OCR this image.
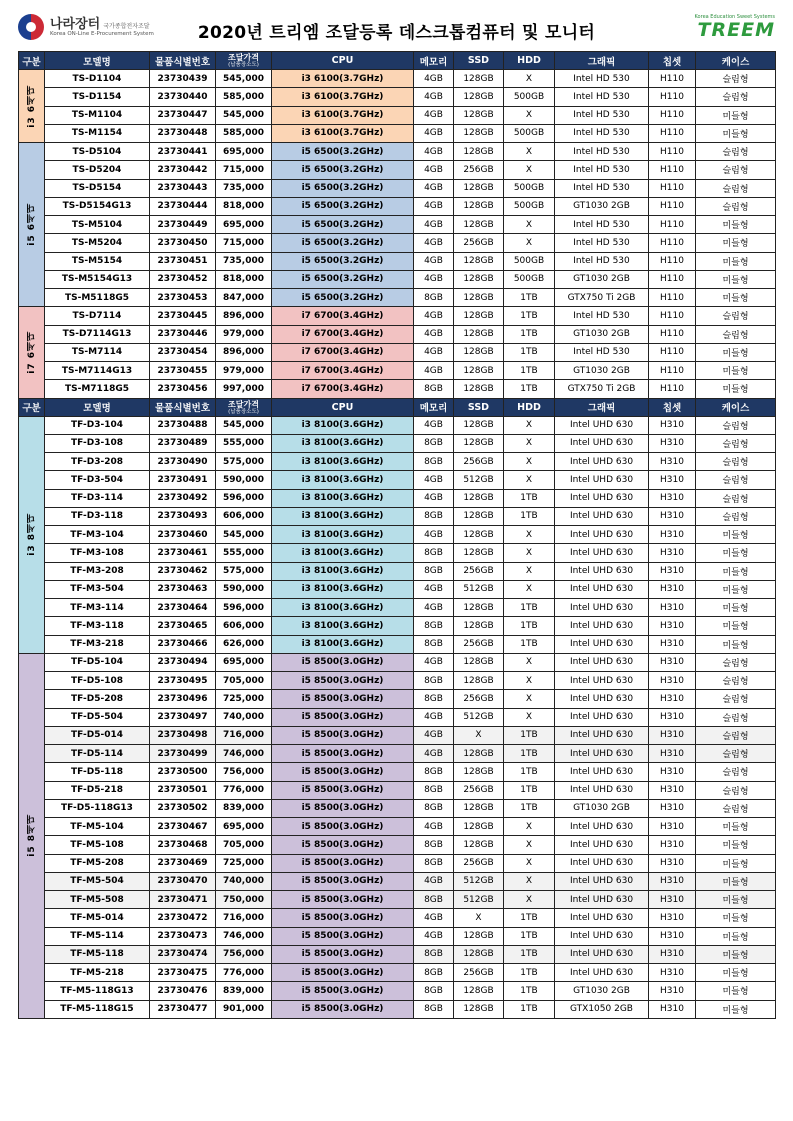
나라장터 국가종합전자조달
Korea ON-Line E-Procurement System	2020년 트리엠 조달등록 데스크톱컴퓨터 및 모니터
Korea Education Sweet Systems
TREEM
구분	모델명	물품식별번호	조달가격
(납품장소도)	CPU	메모리	SSD	HDD	그래픽	칩셋	케이스

i3 6세대	TS-D1104	23730439	545,000	i3 6100(3.7GHz)	4GB	128GB	X	Intel HD 530	H110	슬림형
	TS-D1154	23730440	585,000	i3 6100(3.7GHz)	4GB	128GB	500GB	Intel HD 530	H110	슬림형
	TS-M1104	23730447	545,000	i3 6100(3.7GHz)	4GB	128GB	X	Intel HD 530	H110	미들형
	TS-M1154	23730448	585,000	i3 6100(3.7GHz)	4GB	128GB	500GB	Intel HD 530	H110	미들형

i5 6세대	TS-D5104	23730441	695,000	i5 6500(3.2GHz)	4GB	128GB	X	Intel HD 530	H110	슬림형
	TS-D5204	23730442	715,000	i5 6500(3.2GHz)	4GB	256GB	X	Intel HD 530	H110	슬림형
	TS-D5154	23730443	735,000	i5 6500(3.2GHz)	4GB	128GB	500GB	Intel HD 530	H110	슬림형
	TS-D5154G13	23730444	818,000	i5 6500(3.2GHz)	4GB	128GB	500GB	GT1030 2GB	H110	슬림형
	TS-M5104	23730449	695,000	i5 6500(3.2GHz)	4GB	128GB	X	Intel HD 530	H110	미들형
	TS-M5204	23730450	715,000	i5 6500(3.2GHz)	4GB	256GB	X	Intel HD 530	H110	미들형
	TS-M5154	23730451	735,000	i5 6500(3.2GHz)	4GB	128GB	500GB	Intel HD 530	H110	미들형
	TS-M5154G13	23730452	818,000	i5 6500(3.2GHz)	4GB	128GB	500GB	GT1030 2GB	H110	미들형
	TS-M5118G5	23730453	847,000	i5 6500(3.2GHz)	8GB	128GB	1TB	GTX750 Ti 2GB	H110	미들형

i7 6세대	TS-D7114	23730445	896,000	i7 6700(3.4GHz)	4GB	128GB	1TB	Intel HD 530	H110	슬림형
	TS-D7114G13	23730446	979,000	i7 6700(3.4GHz)	4GB	128GB	1TB	GT1030 2GB	H110	슬림형
	TS-M7114	23730454	896,000	i7 6700(3.4GHz)	4GB	128GB	1TB	Intel HD 530	H110	미들형
	TS-M7114G13	23730455	979,000	i7 6700(3.4GHz)	4GB	128GB	1TB	GT1030 2GB	H110	미들형
	TS-M7118G5	23730456	997,000	i7 6700(3.4GHz)	8GB	128GB	1TB	GTX750 Ti 2GB	H110	미들형
구분	모델명	물품식별번호	조달가격
(납품장소도)	CPU	메모리	SSD	HDD	그래픽	칩셋	케이스

i3 8세대	TF-D3-104	23730488	545,000	i3 8100(3.6GHz)	4GB	128GB	X	Intel UHD 630	H310	슬림형
	TF-D3-108	23730489	555,000	i3 8100(3.6GHz)	8GB	128GB	X	Intel UHD 630	H310	슬림형
	TF-D3-208	23730490	575,000	i3 8100(3.6GHz)	8GB	256GB	X	Intel UHD 630	H310	슬림형
	TF-D3-504	23730491	590,000	i3 8100(3.6GHz)	4GB	512GB	X	Intel UHD 630	H310	슬림형
	TF-D3-114	23730492	596,000	i3 8100(3.6GHz)	4GB	128GB	1TB	Intel UHD 630	H310	슬림형
	TF-D3-118	23730493	606,000	i3 8100(3.6GHz)	8GB	128GB	1TB	Intel UHD 630	H310	슬림형
	TF-M3-104	23730460	545,000	i3 8100(3.6GHz)	4GB	128GB	X	Intel UHD 630	H310	미들형
	TF-M3-108	23730461	555,000	i3 8100(3.6GHz)	8GB	128GB	X	Intel UHD 630	H310	미들형
	TF-M3-208	23730462	575,000	i3 8100(3.6GHz)	8GB	256GB	X	Intel UHD 630	H310	미들형
	TF-M3-504	23730463	590,000	i3 8100(3.6GHz)	4GB	512GB	X	Intel UHD 630	H310	미들형
	TF-M3-114	23730464	596,000	i3 8100(3.6GHz)	4GB	128GB	1TB	Intel UHD 630	H310	미들형
	TF-M3-118	23730465	606,000	i3 8100(3.6GHz)	8GB	128GB	1TB	Intel UHD 630	H310	미들형
	TF-M3-218	23730466	626,000	i3 8100(3.6GHz)	8GB	256GB	1TB	Intel UHD 630	H310	미들형

i5 8세대	TF-D5-104	23730494	695,000	i5 8500(3.0GHz)	4GB	128GB	X	Intel UHD 630	H310	슬림형
	TF-D5-108	23730495	705,000	i5 8500(3.0GHz)	8GB	128GB	X	Intel UHD 630	H310	슬림형
	TF-D5-208	23730496	725,000	i5 8500(3.0GHz)	8GB	256GB	X	Intel UHD 630	H310	슬림형
	TF-D5-504	23730497	740,000	i5 8500(3.0GHz)	4GB	512GB	X	Intel UHD 630	H310	슬림형
	TF-D5-014	23730498	716,000	i5 8500(3.0GHz)	4GB	X	1TB	Intel UHD 630	H310	슬림형
	TF-D5-114	23730499	746,000	i5 8500(3.0GHz)	4GB	128GB	1TB	Intel UHD 630	H310	슬림형
	TF-D5-118	23730500	756,000	i5 8500(3.0GHz)	8GB	128GB	1TB	Intel UHD 630	H310	슬림형
	TF-D5-218	23730501	776,000	i5 8500(3.0GHz)	8GB	256GB	1TB	Intel UHD 630	H310	슬림형
	TF-D5-118G13	23730502	839,000	i5 8500(3.0GHz)	8GB	128GB	1TB	GT1030 2GB	H310	슬림형
	TF-M5-104	23730467	695,000	i5 8500(3.0GHz)	4GB	128GB	X	Intel UHD 630	H310	미들형
	TF-M5-108	23730468	705,000	i5 8500(3.0GHz)	8GB	128GB	X	Intel UHD 630	H310	미들형
	TF-M5-208	23730469	725,000	i5 8500(3.0GHz)	8GB	256GB	X	Intel UHD 630	H310	미들형
	TF-M5-504	23730470	740,000	i5 8500(3.0GHz)	4GB	512GB	X	Intel UHD 630	H310	미들형
	TF-M5-508	23730471	750,000	i5 8500(3.0GHz)	8GB	512GB	X	Intel UHD 630	H310	미들형
	TF-M5-014	23730472	716,000	i5 8500(3.0GHz)	4GB	X	1TB	Intel UHD 630	H310	미들형
	TF-M5-114	23730473	746,000	i5 8500(3.0GHz)	4GB	128GB	1TB	Intel UHD 630	H310	미들형
	TF-M5-118	23730474	756,000	i5 8500(3.0GHz)	8GB	128GB	1TB	Intel UHD 630	H310	미들형
	TF-M5-218	23730475	776,000	i5 8500(3.0GHz)	8GB	256GB	1TB	Intel UHD 630	H310	미들형
	TF-M5-118G13	23730476	839,000	i5 8500(3.0GHz)	8GB	128GB	1TB	GT1030 2GB	H310	미들형
	TF-M5-118G15	23730477	901,000	i5 8500(3.0GHz)	8GB	128GB	1TB	GTX1050 2GB	H310	미들형
